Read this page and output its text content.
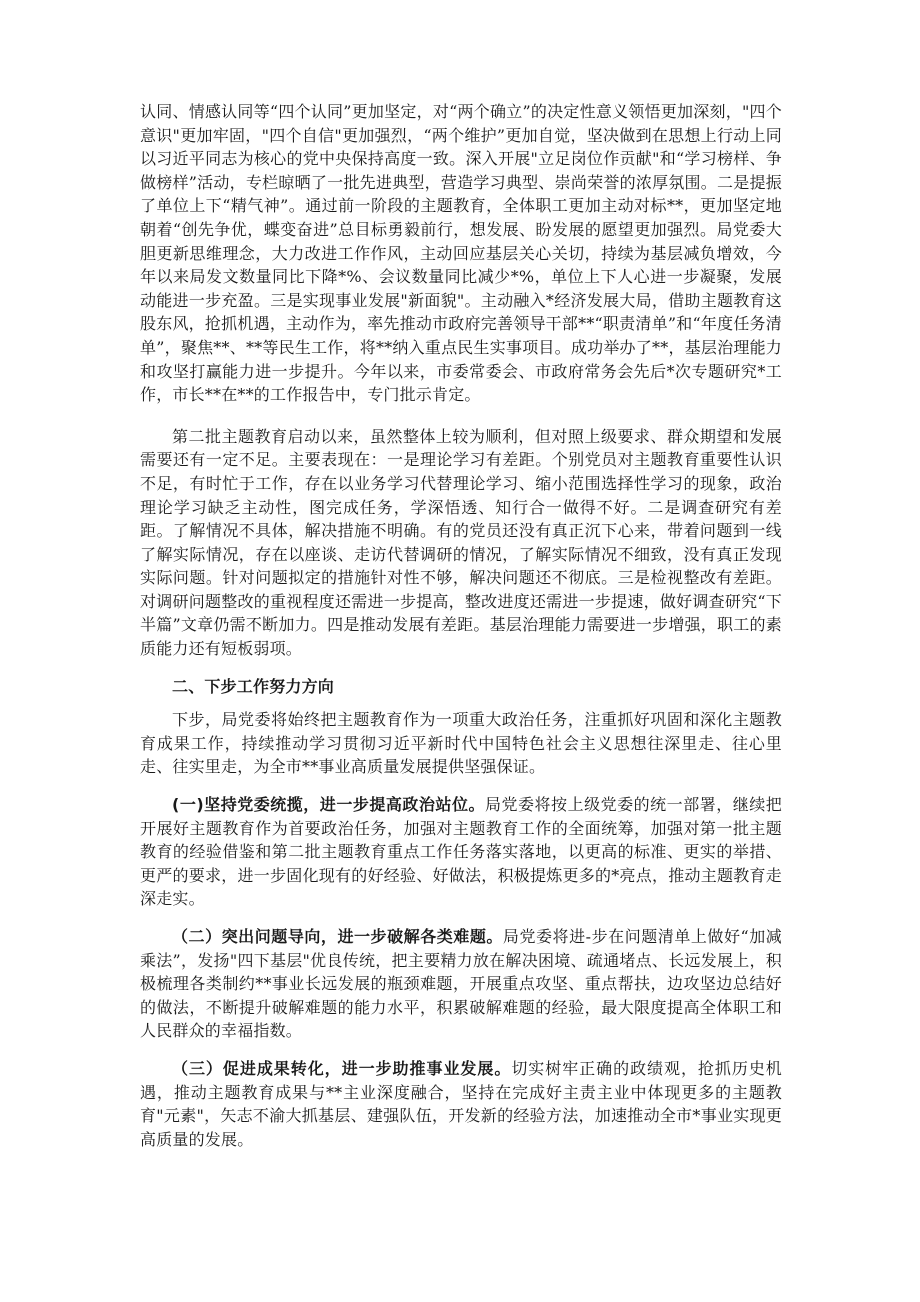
认同、情感认同等“四个认同”更加坚定，对“两个确立”的决定性意义领悟更加深刻，"四个意识"更加牢固，"四个自信"更加强烈，“两个维护”更加自觉，坚决做到在思想上行动上同以习近平同志为核心的党中央保持高度一致。深入开展"立足岗位作贡献"和“学习榜样、争做榜样”活动，专栏晾晒了一批先进典型，营造学习典型、崇尚荣誉的浓厚氛围。二是提振了单位上下“精气神”。通过前一阶段的主题教育，全体职工更加主动对标**，更加坚定地朝着“创先争优，蝶变奋进”总目标勇毅前行，想发展、盼发展的愿望更加强烈。局党委大胆更新思维理念，大力改进工作作风，主动回应基层关心关切，持续为基层减负增效，今年以来局发文数量同比下降*%、会议数量同比减少*%，单位上下人心进一步凝聚，发展动能进一步充盈。三是实现事业发展"新面貌"。主动融入*经济发展大局，借助主题教育这股东风，抢抓机遇，主动作为，率先推动市政府完善领导干部**“职责清单”和“年度任务清单”，聚焦**、**等民生工作，将**纳入重点民生实事项目。成功举办了**，基层治理能力和攻坚打赢能力进一步提升。今年以来，市委常委会、市政府常务会先后*次专题研究*工作，市长**在**的工作报告中，专门批示肯定。

第二批主题教育启动以来，虽然整体上较为顺利，但对照上级要求、群众期望和发展需要还有一定不足。主要表现在：一是理论学习有差距。个别党员对主题教育重要性认识不足，有时忙于工作，存在以业务学习代替理论学习、缩小范围选择性学习的现象，政治理论学习缺乏主动性，图完成任务，学深悟透、知行合一做得不好。二是调查研究有差距。了解情况不具体，解决措施不明确。有的党员还没有真正沉下心来，带着问题到一线了解实际情况，存在以座谈、走访代替调研的情况，了解实际情况不细致，没有真正发现实际问题。针对问题拟定的措施针对性不够，解决问题还不彻底。三是检视整改有差距。对调研问题整改的重视程度还需进一步提高，整改进度还需进一步提速，做好调查研究“下半篇”文章仍需不断加力。四是推动发展有差距。基层治理能力需要进一步增强，职工的素质能力还有短板弱项。

二、下步工作努力方向

下步，局党委将始终把主题教育作为一项重大政治任务，注重抓好巩固和深化主题教育成果工作，持续推动学习贯彻习近平新时代中国特色社会主义思想往深里走、往心里走、往实里走，为全市**事业高质量发展提供坚强保证。

(一)坚持党委统揽，进一步提高政治站位。局党委将按上级党委的统一部署，继续把开展好主题教育作为首要政治任务，加强对主题教育工作的全面统筹，加强对第一批主题教育的经验借鉴和第二批主题教育重点工作任务落实落地，以更高的标准、更实的举措、更严的要求，进一步固化现有的好经验、好做法，积极提炼更多的*亮点，推动主题教育走深走实。

（二）突出问题导向，进一步破解各类难题。局党委将进-步在问题清单上做好“加减乘法”，发扬"四下基层"优良传统，把主要精力放在解决困境、疏通堵点、长远发展上，积极梳理各类制约**事业长远发展的瓶颈难题，开展重点攻坚、重点帮扶，边攻坚边总结好的做法，不断提升破解难题的能力水平，积累破解难题的经验，最大限度提高全体职工和人民群众的幸福指数。

（三）促进成果转化，进一步助推事业发展。切实树牢正确的政绩观，抢抓历史机遇，推动主题教育成果与**主业深度融合，坚持在完成好主责主业中体现更多的主题教育"元素"，矢志不渝大抓基层、建强队伍，开发新的经验方法，加速推动全市*事业实现更高质量的发展。
